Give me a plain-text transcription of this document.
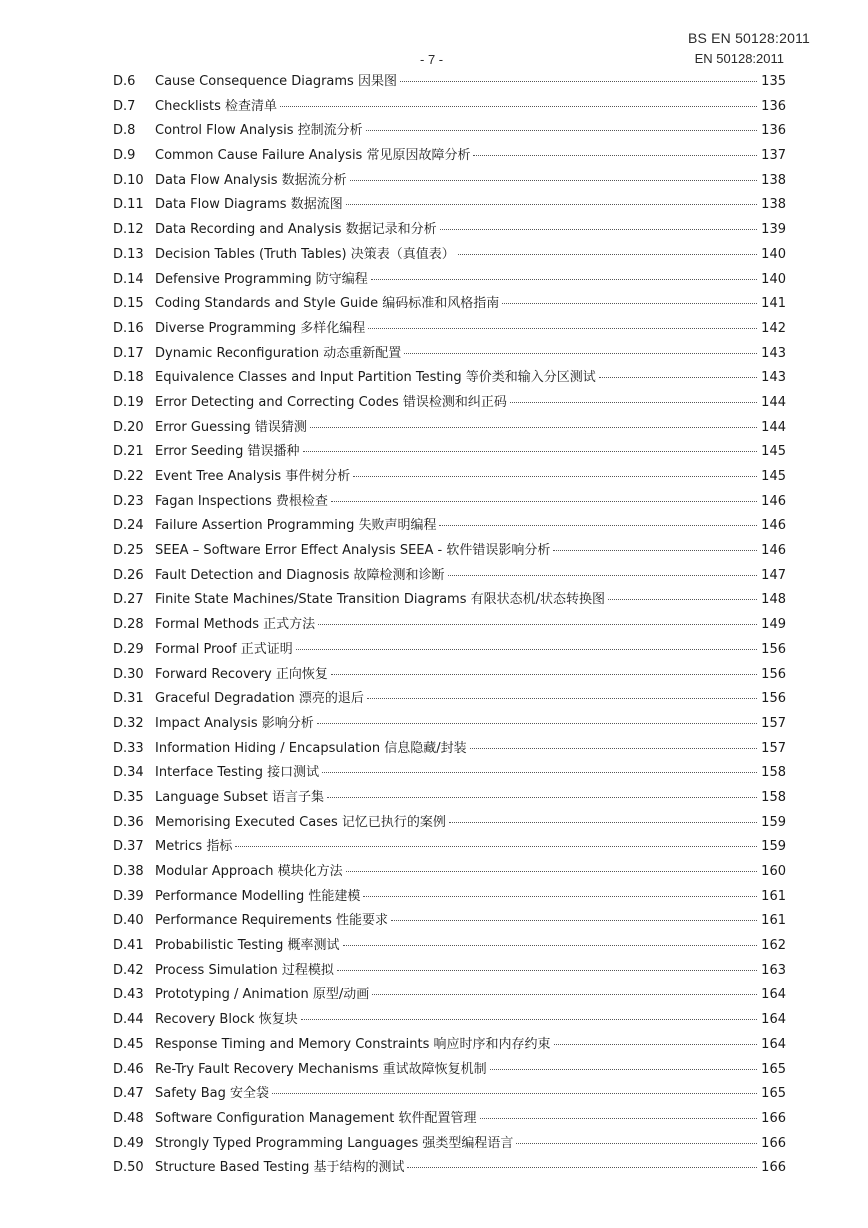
BS EN 50128:2011
- 7 -	EN 50128:2011
D.6	Cause Consequence Diagrams 因果图	135
D.7	Checklists 检查清单	136
D.8	Control Flow Analysis 控制流分析	136
D.9	Common Cause Failure Analysis 常见原因故障分析	137
D.10 Data Flow Analysis 数据流分析	138
D.11 Data Flow Diagrams 数据流图	138
D.12 Data Recording and Analysis 数据记录和分析	139
D.13 Decision Tables (Truth Tables) 决策表（真值表）	140
D.14 Defensive Programming 防守编程	140
D.15 Coding Standards and Style Guide 编码标准和风格指南	141
D.16 Diverse Programming 多样化编程	142
D.17 Dynamic Reconfiguration 动态重新配置	143
D.18 Equivalence Classes and Input Partition Testing 等价类和输入分区测试	143
D.19 Error Detecting and Correcting Codes 错误检测和纠正码	144
D.20 Error Guessing 错误猜测	144
D.21 Error Seeding 错误播种	145
D.22 Event Tree Analysis 事件树分析	145
D.23 Fagan Inspections 费根检查	146
D.24 Failure Assertion Programming 失败声明编程	146
D.25 SEEA – Software Error Effect Analysis SEEA - 软件错误影响分析	146
D.26 Fault Detection and Diagnosis 故障检测和诊断	147
D.27 Finite State Machines/State Transition Diagrams 有限状态机/状态转换图	148
D.28 Formal Methods 正式方法	149
D.29 Formal Proof 正式证明	156
D.30 Forward Recovery 正向恢复	156
D.31 Graceful Degradation 漂亮的退后	156
D.32 Impact Analysis 影响分析	157
D.33 Information Hiding / Encapsulation 信息隐藏/封装	157
D.34 Interface Testing 接口测试	158
D.35 Language Subset 语言子集	158
D.36 Memorising Executed Cases 记忆已执行的案例	159
D.37 Metrics 指标	159
D.38 Modular Approach 模块化方法	160
D.39 Performance Modelling 性能建模	161
D.40 Performance Requirements 性能要求	161
D.41 Probabilistic Testing 概率测试	162
D.42 Process Simulation 过程模拟	163
D.43 Prototyping / Animation 原型/动画	164
D.44 Recovery Block 恢复块	164
D.45 Response Timing and Memory Constraints 响应时序和内存约束	164
D.46 Re-Try Fault Recovery Mechanisms 重试故障恢复机制	165
D.47 Safety Bag 安全袋	165
D.48 Software Configuration Management 软件配置管理	166
D.49 Strongly Typed Programming Languages 强类型编程语言	166
D.50 Structure Based Testing 基于结构的测试	166
